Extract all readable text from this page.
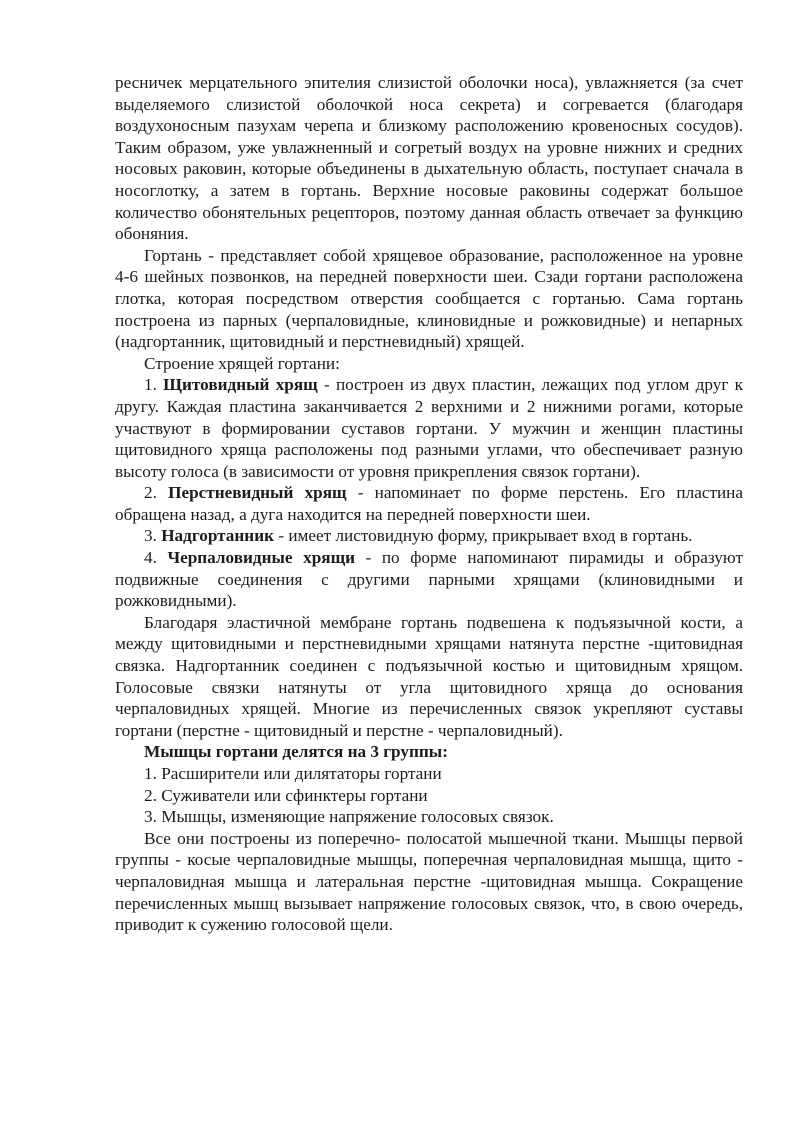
ресничек мерцательного эпителия слизистой оболочки носа), увлажняется (за счет выделяемого слизистой оболочкой носа секрета) и согревается (благодаря воздухоносным пазухам черепа и близкому расположению кровеносных сосудов). Таким образом, уже увлажненный и согретый воздух на уровне нижних и средних носовых раковин, которые объединены в дыхательную область, поступает сначала в носоглотку, а затем в гортань. Верхние носовые раковины содержат большое количество обонятельных рецепторов, поэтому данная область отвечает за функцию обоняния.

Гортань - представляет собой хрящевое образование, расположенное на уровне 4-6 шейных позвонков, на передней поверхности шеи. Сзади гортани расположена глотка, которая посредством отверстия сообщается с гортанью. Сама гортань построена из парных (черпаловидные, клиновидные и рожковидные) и непарных (надгортанник, щитовидный и перстневидный) хрящей.

Строение хрящей гортани:

1. Щитовидный хрящ - построен из двух пластин, лежащих под углом друг к другу. Каждая пластина заканчивается 2 верхними и 2 нижними рогами, которые участвуют в формировании суставов гортани. У мужчин и женщин пластины щитовидного хряща расположены под разными углами, что обеспечивает разную высоту голоса (в зависимости от уровня прикрепления связок гортани).

2. Перстневидный хрящ - напоминает по форме перстень. Его пластина обращена назад, а дуга находится на передней поверхности шеи.

3. Надгортанник - имеет листовидную форму, прикрывает вход в гортань.

4. Черпаловидные хрящи - по форме напоминают пирамиды и образуют подвижные соединения с другими парными хрящами (клиновидными и рожковидными).

Благодаря эластичной мембране гортань подвешена к подъязычной кости, а между щитовидными и перстневидными хрящами натянута перстне -щитовидная связка. Надгортанник соединен с подъязычной костью и щитовидным хрящом. Голосовые связки натянуты от угла щитовидного хряща до основания черпаловидных хрящей. Многие из перечисленных связок укрепляют суставы гортани (перстне - щитовидный и перстне - черпаловидный).

Мышцы гортани делятся на 3 группы:

1. Расширители или дилятаторы гортани

2. Суживатели или сфинктеры гортани

3. Мышцы, изменяющие напряжение голосовых связок.

Все они построены из поперечно- полосатой мышечной ткани. Мышцы первой группы - косые черпаловидные мышцы, поперечная черпаловидная мышца, щито - черпаловидная мышца и латеральная перстне -щитовидная мышца. Сокращение перечисленных мышц вызывает напряжение голосовых связок, что, в свою очередь, приводит к сужению голосовой щели.
